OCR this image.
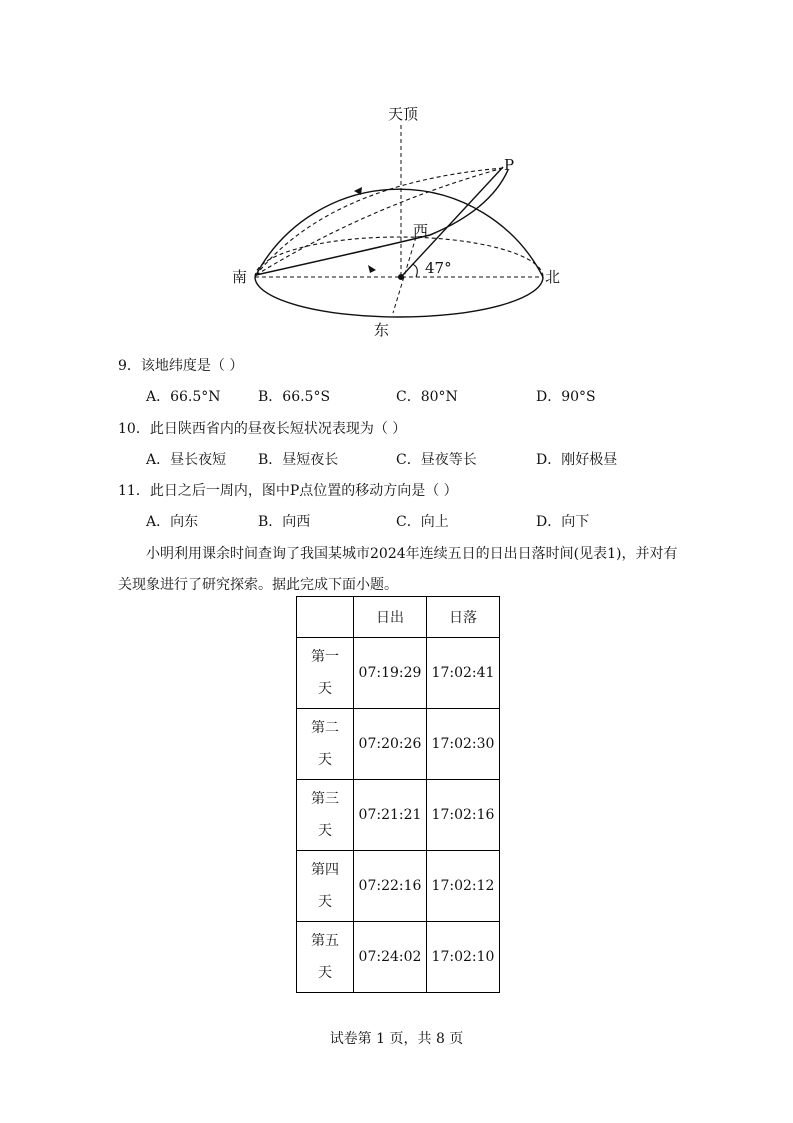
天顶
P
西
47°
南	北
东
9．该地纬度是（ ）
A．66.5°N	B．66.5°S	C．80°N	D．90°S
10．此日陕西省内的昼夜长短状况表现为（ ）
A．昼长夜短 B．昼短夜长	C．昼夜等长	D．刚好极昼
11．此日之后一周内，图中P点位置的移动方向是（ ）
A．向东	B．向西	C．向上	D．向下
小明利用课余时间查询了我国某城市2024年连续五日的日出日落时间(见表1)，并对有
关现象进行了研究探索。据此完成下面小题。
	日出	日落
第一
天	07:19:29	17:02:41
第二
天	07:20:26	17:02:30
第三
天	07:21:21	17:02:16
第四
天	07:22:16	17:02:12
第五
天	07:24:02	17:02:10
试卷第 1 页，共 8 页
